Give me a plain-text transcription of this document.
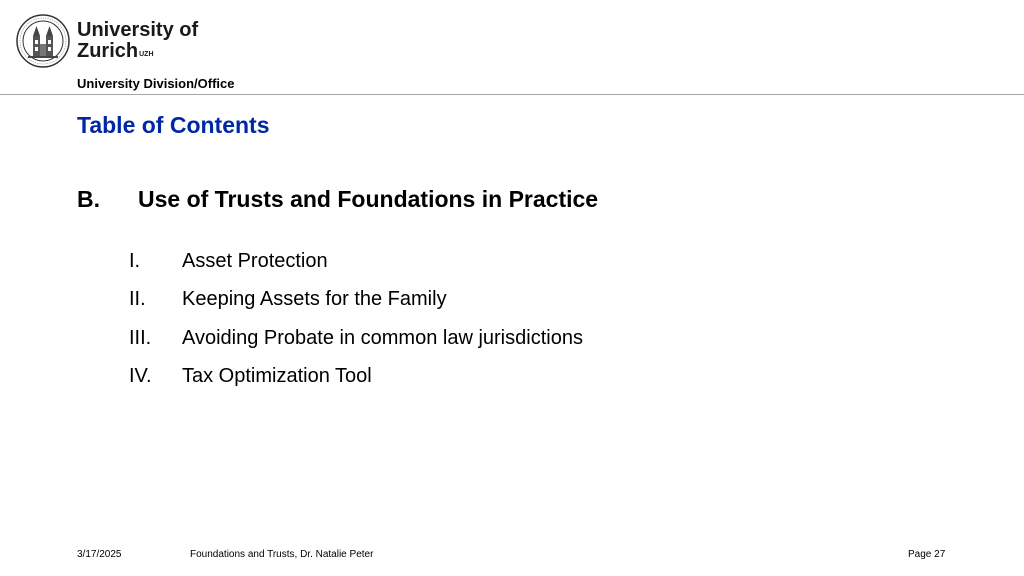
University of
Zurich$^{UZH}$
University Division/Office
Table of Contents
B.	Use of Trusts and Foundations in Practice
I.	Asset Protection
II.	Keeping Assets for the Family
III.	Avoiding Probate in common law jurisdictions
IV.	Tax Optimization Tool
3/17/2025	Foundations and Trusts, Dr. Natalie Peter	Page 27
